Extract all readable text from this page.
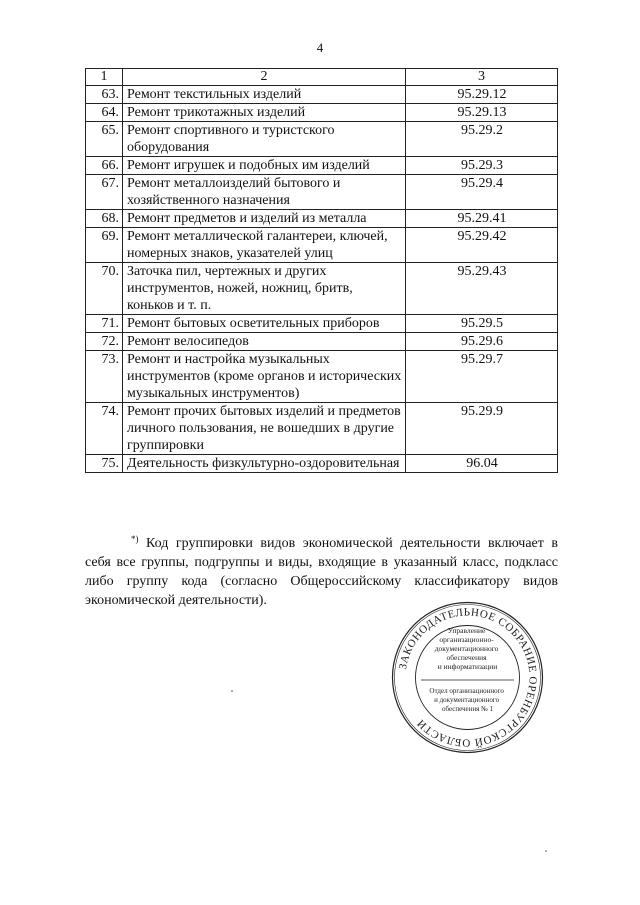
4
1	2	3
63.	Ремонт текстильных изделий	95.29.12
64.	Ремонт трикотажных изделий	95.29.13
65.	Ремонт спортивного и туристского оборудования	95.29.2
66.	Ремонт игрушек и подобных им изделий	95.29.3
67.	Ремонт металлоизделий бытового и хозяйственного назначения	95.29.4
68.	Ремонт предметов и изделий из металла	95.29.41
69.	Ремонт металлической галантереи, ключей, номерных знаков, указателей улиц	95.29.42
70.	Заточка пил, чертежных и других инструментов, ножей, ножниц, бритв, коньков и т. п.	95.29.43
71.	Ремонт бытовых осветительных приборов	95.29.5
72.	Ремонт велосипедов	95.29.6
73.	Ремонт и настройка музыкальных инструментов (кроме органов и исторических музыкальных инструментов)	95.29.7
74.	Ремонт прочих бытовых изделий и предметов личного пользования, не вошедших в другие группировки	95.29.9
75.	Деятельность физкультурно-оздоровительная	96.04
*) Код группировки видов экономической деятельности включает в себя все группы, подгруппы и виды, входящие в указанный класс, подкласс либо группу кода (согласно Общероссийскому классификатору видов экономической деятельности).
ЗАКОНОДАТЕЛЬНОЕ СОБРАНИЕ ОРЕНБУРГСКОЙ ОБЛАСТИ
Управление организационно- документационного обеспечения и информатизации
Отдел организационного и документационного обеспечения № 1
